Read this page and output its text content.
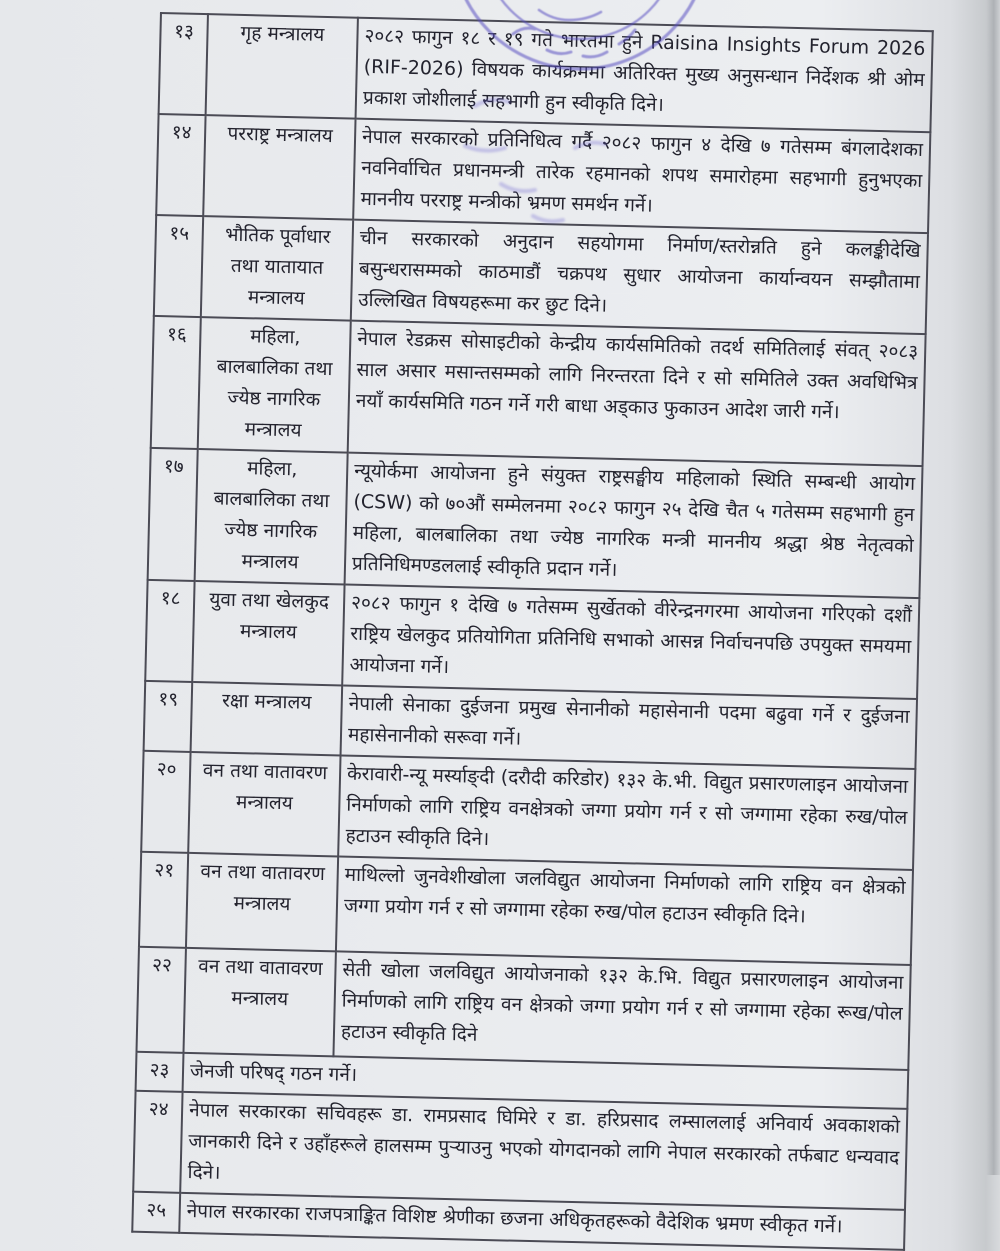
१३	गृह मन्त्रालय	२०८२ फागुन १८ र १९ गते भारतमा हुने Raisina Insights Forum 2026 (RIF-2026) विषयक कार्यक्रममा अतिरिक्त मुख्य अनुसन्धान निर्देशक श्री ओम प्रकाश जोशीलाई सहभागी हुन स्वीकृति दिने।
१४	परराष्ट्र मन्त्रालय	नेपाल सरकारको प्रतिनिधित्व गर्दै २०८२ फागुन ४ देखि ७ गतेसम्म बंगलादेशका नवनिर्वाचित प्रधानमन्त्री तारेक रहमानको शपथ समारोहमा सहभागी हुनुभएका माननीय परराष्ट्र मन्त्रीको भ्रमण समर्थन गर्ने।
१५	भौतिक पूर्वाधार तथा यातायात मन्त्रालय	चीन सरकारको अनुदान सहयोगमा निर्माण/स्तरोन्नति हुने कलङ्कीदेखि बसुन्धरासम्मको काठमाडौं चक्रपथ सुधार आयोजना कार्यान्वयन सम्झौतामा उल्लिखित विषयहरूमा कर छुट दिने।
१६	महिला, बालबालिका तथा ज्येष्ठ नागरिक मन्त्रालय	नेपाल रेडक्रस सोसाइटीको केन्द्रीय कार्यसमितिको तदर्थ समितिलाई संवत् २०८३ साल असार मसान्तसम्मको लागि निरन्तरता दिने र सो समितिले उक्त अवधिभित्र नयाँ कार्यसमिति गठन गर्ने गरी बाधा अड्काउ फुकाउन आदेश जारी गर्ने।
१७	महिला, बालबालिका तथा ज्येष्ठ नागरिक मन्त्रालय	न्यूयोर्कमा आयोजना हुने संयुक्त राष्ट्रसङ्घीय महिलाको स्थिति सम्बन्धी आयोग (CSW) को ७०औं सम्मेलनमा २०८२ फागुन २५ देखि चैत ५ गतेसम्म सहभागी हुन महिला, बालबालिका तथा ज्येष्ठ नागरिक मन्त्री माननीय श्रद्धा श्रेष्ठ नेतृत्वको प्रतिनिधिमण्डललाई स्वीकृति प्रदान गर्ने।
१८	युवा तथा खेलकुद मन्त्रालय	२०८२ फागुन १ देखि ७ गतेसम्म सुर्खेतको वीरेन्द्रनगरमा आयोजना गरिएको दशौं राष्ट्रिय खेलकुद प्रतियोगिता प्रतिनिधि सभाको आसन्न निर्वाचनपछि उपयुक्त समयमा आयोजना गर्ने।
१९	रक्षा मन्त्रालय	नेपाली सेनाका दुईजना प्रमुख सेनानीको महासेनानी पदमा बढुवा गर्ने र दुईजना महासेनानीको सरूवा गर्ने।
२०	वन तथा वातावरण मन्त्रालय	केरावारी-न्यू मर्स्याङ्दी (दरौदी करिडोर) १३२ के.भी. विद्युत प्रसारणलाइन आयोजना निर्माणको लागि राष्ट्रिय वनक्षेत्रको जग्गा प्रयोग गर्न र सो जग्गामा रहेका रुख/पोल हटाउन स्वीकृति दिने।
२१	वन तथा वातावरण मन्त्रालय	माथिल्लो जुनवेशीखोला जलविद्युत आयोजना निर्माणको लागि राष्ट्रिय वन क्षेत्रको जग्गा प्रयोग गर्न र सो जग्गामा रहेका रुख/पोल हटाउन स्वीकृति दिने।
२२	वन तथा वातावरण मन्त्रालय	सेती खोला जलविद्युत आयोजनाको १३२ के.भि. विद्युत प्रसारणलाइन आयोजना निर्माणको लागि राष्ट्रिय वन क्षेत्रको जग्गा प्रयोग गर्न र सो जग्गामा रहेका रूख/पोल हटाउन स्वीकृति दिने
२३	जेनजी परिषद् गठन गर्ने।	
२४	नेपाल सरकारका सचिवहरू डा. रामप्रसाद घिमिरे र डा. हरिप्रसाद लम्साललाई अनिवार्य अवकाशको जानकारी दिने र उहाँहरूले हालसम्म पुऱ्याउनु भएको योगदानको लागि नेपाल सरकारको तर्फबाट धन्यवाद दिने।	
२५	नेपाल सरकारका राजपत्राङ्कित विशिष्ट श्रेणीका छजना अधिकृतहरूको वैदेशिक भ्रमण स्वीकृत गर्ने।	
